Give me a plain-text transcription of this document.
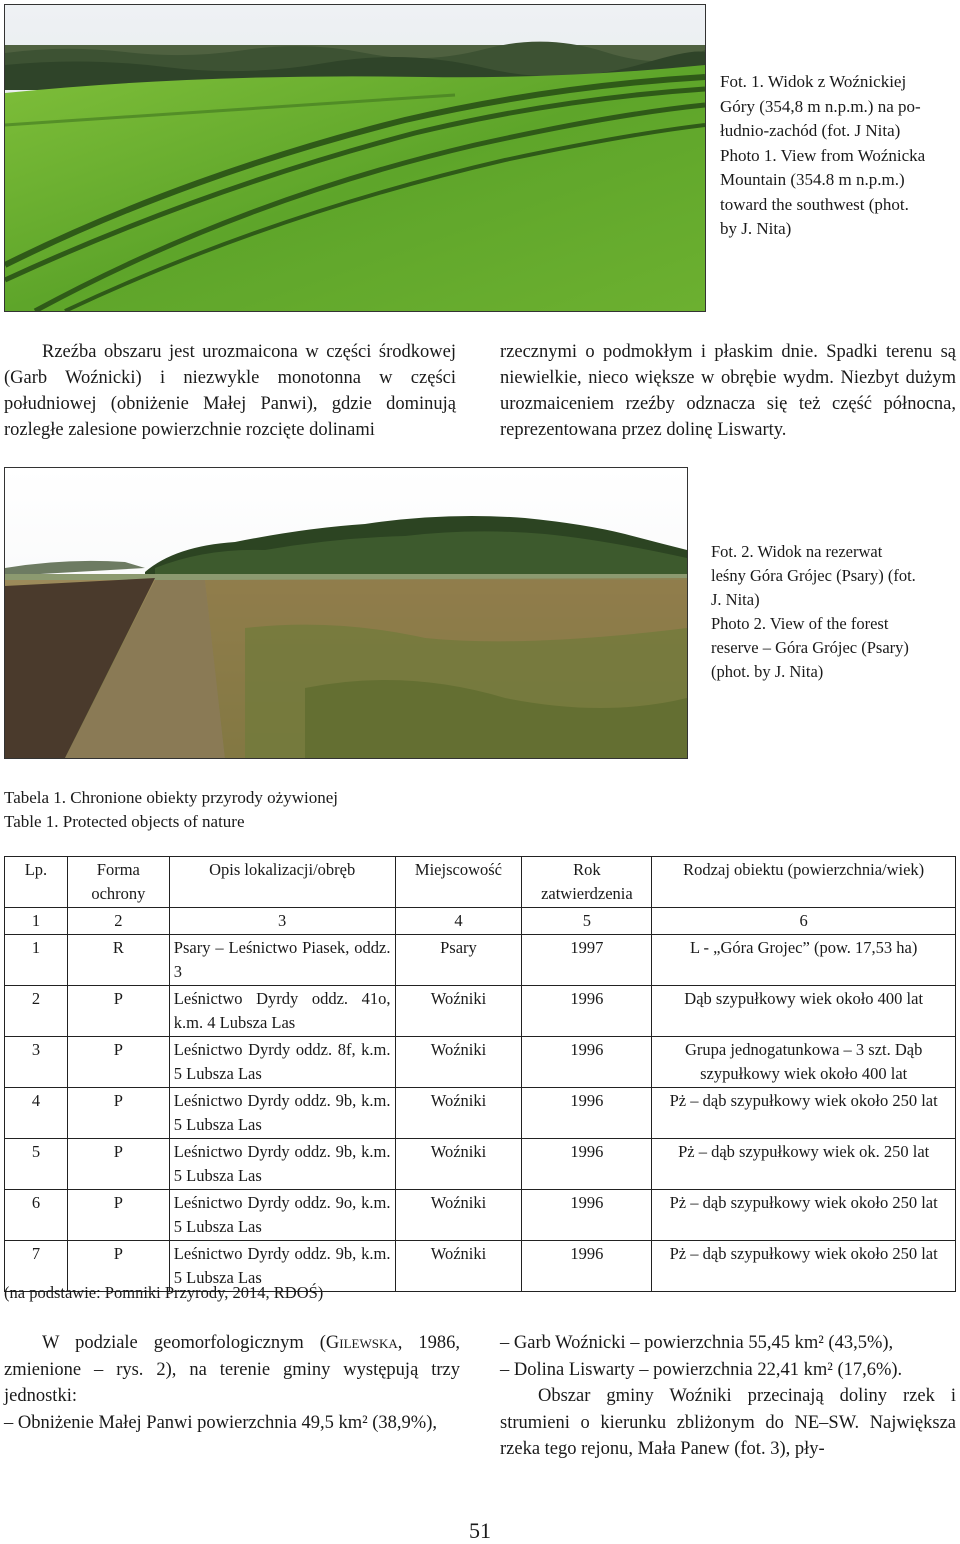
Fot. 1. Widok z Woźnickiej
Góry (354,8 m n.p.m.) na po-
łudnio-zachód (fot. J Nita)
Photo 1. View from Woźnicka
Mountain (354.8 m n.p.m.)
toward the southwest (phot.
by J. Nita)

Rzeźba obszaru jest urozmaicona w części środkowej (Garb Woźnicki) i niezwykle monotonna w części południowej (obniżenie Małej Panwi), gdzie dominują rozległe zalesione powierzchnie rozcięte dolinami

rzecznymi o podmokłym i płaskim dnie. Spadki terenu są niewielkie, nieco większe w obrębie wydm. Niezbyt dużym urozmaiceniem rzeźby odznacza się też część północna, reprezentowana przez dolinę Liswarty.

Fot. 2. Widok na rezerwat
leśny Góra Grójec (Psary) (fot.
J. Nita)
Photo 2. View of the forest
reserve – Góra Grójec (Psary)
(phot. by J. Nita)
Tabela 1. Chronione obiekty przyrody ożywionej
Table 1. Protected objects of nature
Lp.	Forma ochrony	Opis lokalizacji/obręb	Miejscowość	Rok zatwierdzenia	Rodzaj obiektu (powierzchnia/wiek)
1	2	3	4	5	6
1	R	Psary – Leśnictwo Piasek, oddz. 3	Psary	1997	L - „Góra Grojec” (pow. 17,53 ha)
2	P	Leśnictwo Dyrdy oddz. 41o, k.m. 4 Lubsza Las	Woźniki	1996	Dąb szypułkowy wiek około 400 lat
3	P	Leśnictwo Dyrdy oddz. 8f, k.m. 5 Lubsza Las	Woźniki	1996	Grupa jednogatunkowa – 3 szt. Dąb szypułkowy wiek około 400 lat
4	P	Leśnictwo Dyrdy oddz. 9b, k.m. 5 Lubsza Las	Woźniki	1996	Pż – dąb szypułkowy wiek około 250 lat
5	P	Leśnictwo Dyrdy oddz. 9b, k.m. 5 Lubsza Las	Woźniki	1996	Pż – dąb szypułkowy wiek ok. 250 lat
6	P	Leśnictwo Dyrdy oddz. 9o, k.m. 5 Lubsza Las	Woźniki	1996	Pż – dąb szypułkowy wiek około 250 lat
7	P	Leśnictwo Dyrdy oddz. 9b, k.m. 5 Lubsza Las	Woźniki	1996	Pż – dąb szypułkowy wiek około 250 lat
(na podstawie: Pomniki Przyrody, 2014, RDOŚ)

W podziale geomorfologicznym (Gilewska, 1986, zmienione – rys. 2), na terenie gminy występują trzy jednostki:

– Obniżenie Małej Panwi powierzchnia 49,5 km² (38,9%),

– Garb Woźnicki – powierzchnia 55,45 km² (43,5%),

– Dolina Liswarty – powierzchnia 22,41 km² (17,6%).

Obszar gminy Woźniki przecinają doliny rzek i strumieni o kierunku zbliżonym do NE–SW. Największa rzeka tego rejonu, Mała Panew (fot. 3), pły-

51
